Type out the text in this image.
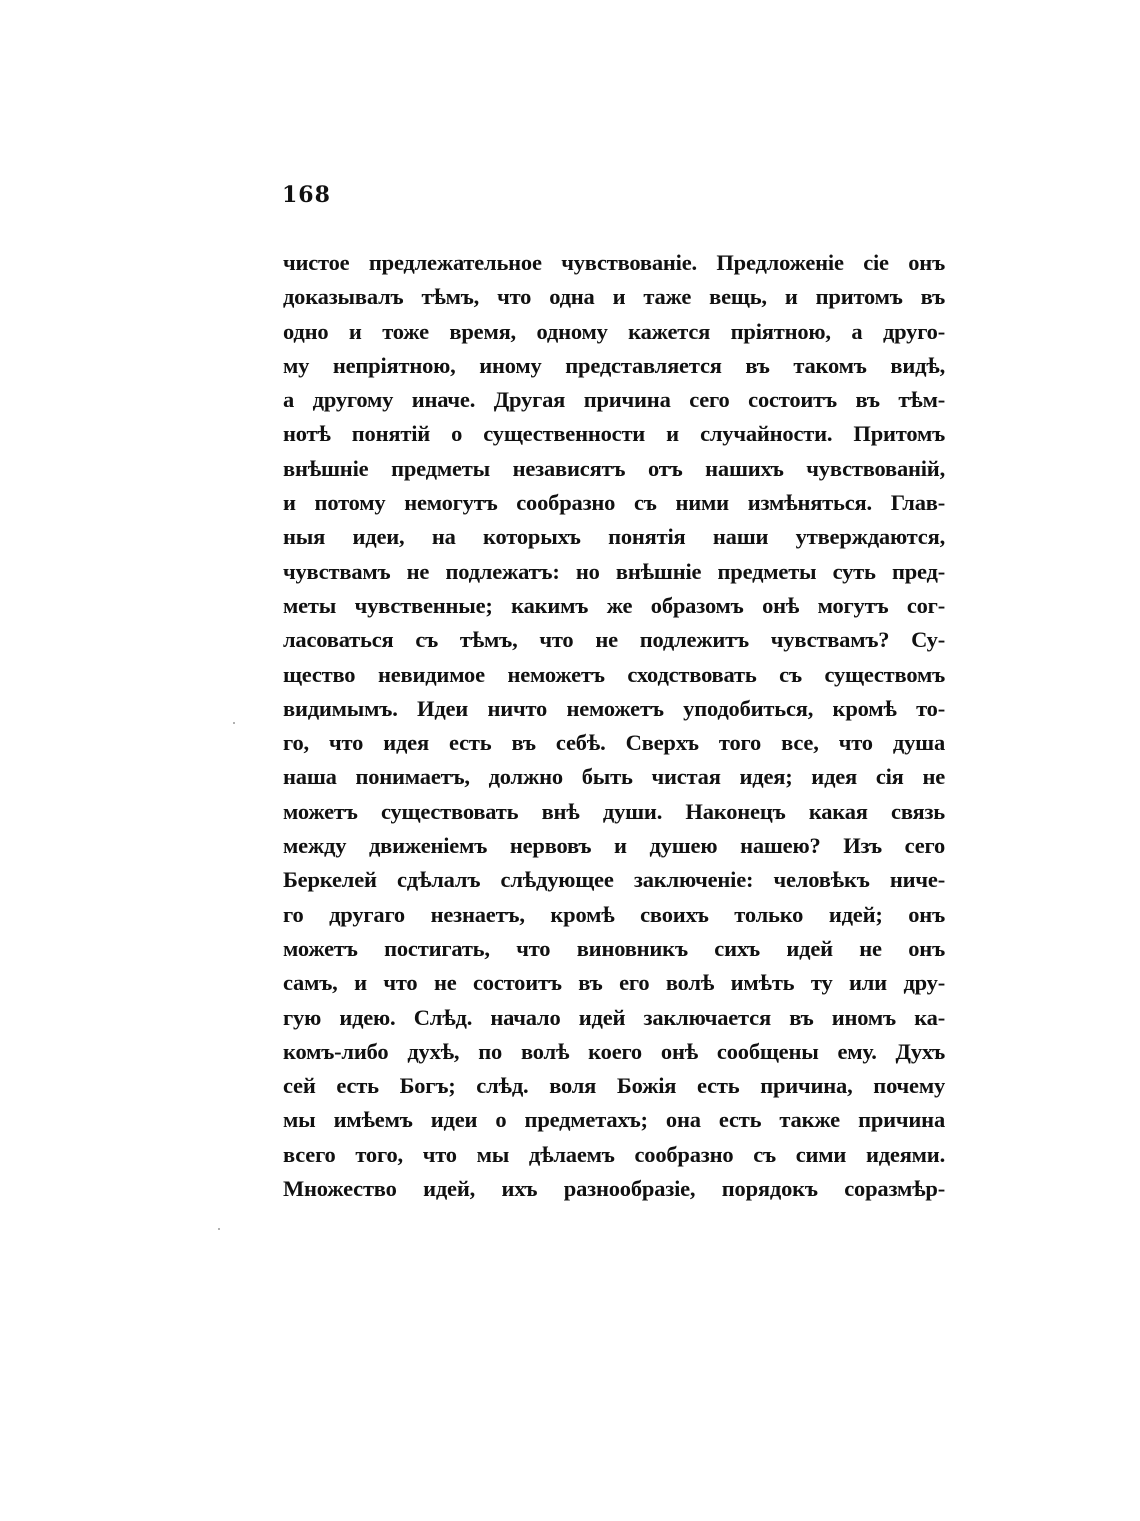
168
чистое предлежательное чувствованіе. Предложеніе сіе онъ
доказывалъ тѣмъ, что одна и таже вещь, и притомъ въ
одно и тоже время, одному кажется пріятною, а друго-
му непріятною, иному представляется въ такомъ видѣ,
а другому иначе. Другая причина сего состоитъ въ тѣм-
нотѣ понятій о существенности и случайности. Притомъ
внѣшніе предметы независятъ отъ нашихъ чувствованій,
и потому немогутъ сообразно съ ними измѣняться. Глав-
ныя идеи, на которыхъ понятія наши утверждаются,
чувствамъ не подлежатъ: но внѣшніе предметы суть пред-
меты чувственные; какимъ же образомъ онѣ могутъ сог-
ласоваться съ тѣмъ, что не подлежитъ чувствамъ? Су-
щество невидимое неможетъ сходствовать съ существомъ
видимымъ. Идеи ничто неможетъ уподобиться, кромѣ то-
го, что идея есть въ себѣ. Сверхъ того все, что душа
наша понимаетъ, должно быть чистая идея; идея сія не
можетъ существовать внѣ души. Наконецъ какая связь
между движеніемъ нервовъ и душею нашею? Изъ сего
Беркелей сдѣлалъ слѣдующее заключеніе: человѣкъ ниче-
го другаго незнаетъ, кромѣ своихъ только идей; онъ
можетъ постигать, что виновникъ сихъ идей не онъ
самъ, и что не состоитъ въ его волѣ имѣть ту или дру-
гую идею. Слѣд. начало идей заключается въ иномъ ка-
комъ-либо духѣ, по волѣ коего онѣ сообщены ему. Духъ
сей есть Богъ; слѣд. воля Божія есть причина, почему
мы имѣемъ идеи о предметахъ; она есть также причина
всего того, что мы дѣлаемъ сообразно съ сими идеями.
Множество идей, ихъ разнообразіе, порядокъ соразмѣр-
